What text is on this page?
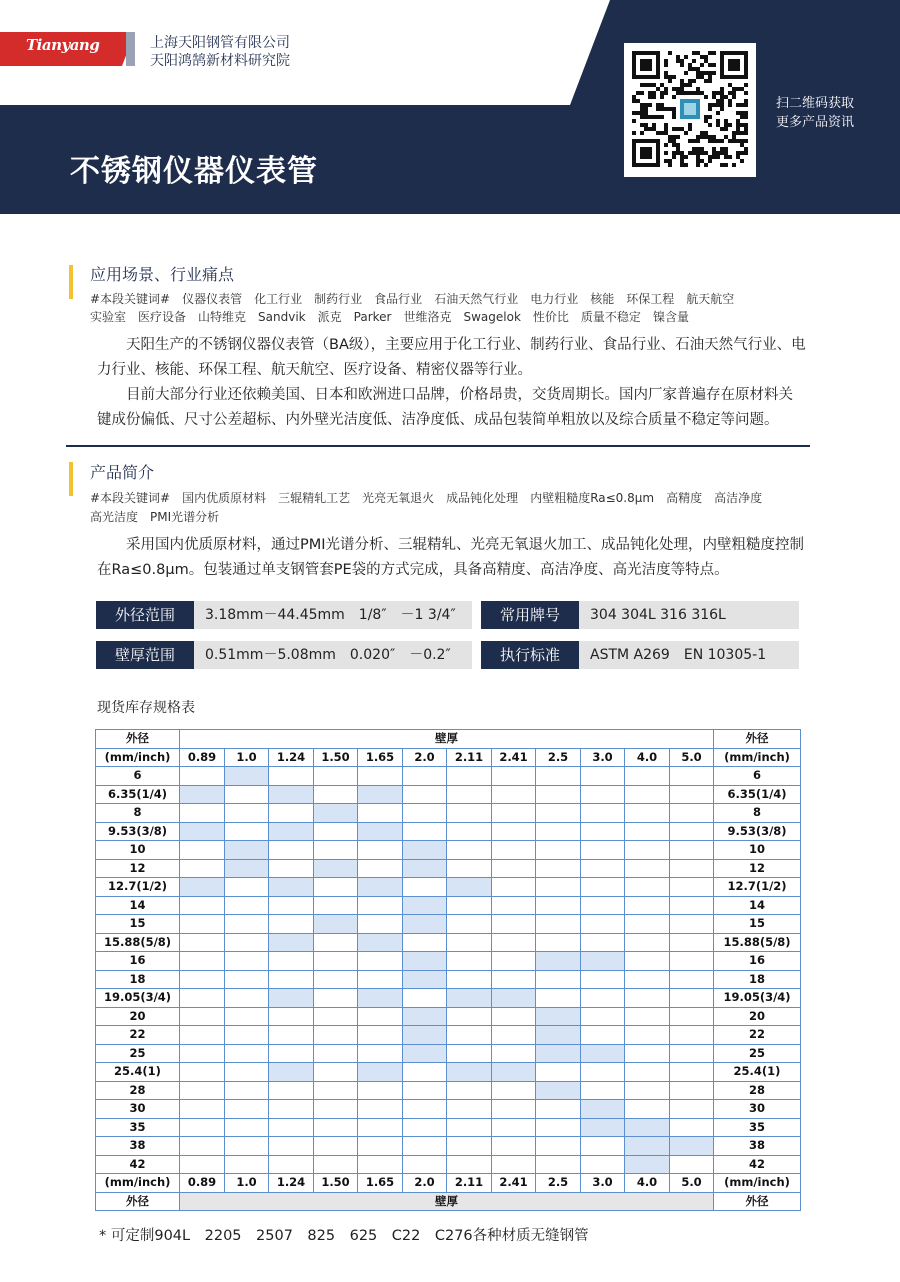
Tianyang	上海天阳钢管有限公司
天阳鸿鹄新材料研究院
不锈钢仪器仪表管
扫二维码获取
更多产品资讯
应用场景、行业痛点
#本段关键词# 仪器仪表管 化工行业 制药行业 食品行业 石油天然气行业 电力行业 核能 环保工程 航天航空
实验室 医疗设备 山特维克 Sandvik 派克 Parker 世维洛克 Swagelok 性价比 质量不稳定 镍含量
天阳生产的不锈钢仪器仪表管（BA级），主要应用于化工行业、制药行业、食品行业、石油天然气行业、电力行业、核能、环保工程、航天航空、医疗设备、精密仪器等行业。
目前大部分行业还依赖美国、日本和欧洲进口品牌，价格昂贵，交货周期长。国内厂家普遍存在原材料关键成份偏低、尺寸公差超标、内外壁光洁度低、洁净度低、成品包装简单粗放以及综合质量不稳定等问题。
产品简介
#本段关键词# 国内优质原材料 三辊精轧工艺 光亮无氧退火 成品钝化处理 内壁粗糙度Ra≤0.8μm 高精度 高洁净度
高光洁度 PMI光谱分析
采用国内优质原材料，通过PMI光谱分析、三辊精轧、光亮无氧退火加工、成品钝化处理，内壁粗糙度控制在Ra≤0.8μm。包装通过单支钢管套PE袋的方式完成，具备高精度、高洁净度、高光洁度等特点。
外径范围	3.18mm－44.45mm　1/8″　－1 3/4″	常用牌号	304 304L 316 316L
壁厚范围	0.51mm－5.08mm　0.020″　－0.2″	执行标准	ASTM A269　EN 10305-1
现货库存规格表
外径	壁厚												外径
(mm/inch)	0.89	1.0	1.24	1.50	1.65	2.0	2.11	2.41	2.5	3.0	4.0	5.0	(mm/inch)
6													6
6.35(1/4)													6.35(1/4)
8													8
9.53(3/8)													9.53(3/8)
10													10
12													12
12.7(1/2)													12.7(1/2)
14													14
15													15
15.88(5/8)													15.88(5/8)
16													16
18													18
19.05(3/4)													19.05(3/4)
20													20
22													22
25													25
25.4(1)													25.4(1)
28													28
30													30
35													35
38													38
42													42
(mm/inch)	0.89	1.0	1.24	1.50	1.65	2.0	2.11	2.41	2.5	3.0	4.0	5.0	(mm/inch)
外径	壁厚												外径
* 可定制904L　2205　2507　825　625　C22　C276各种材质无缝钢管
